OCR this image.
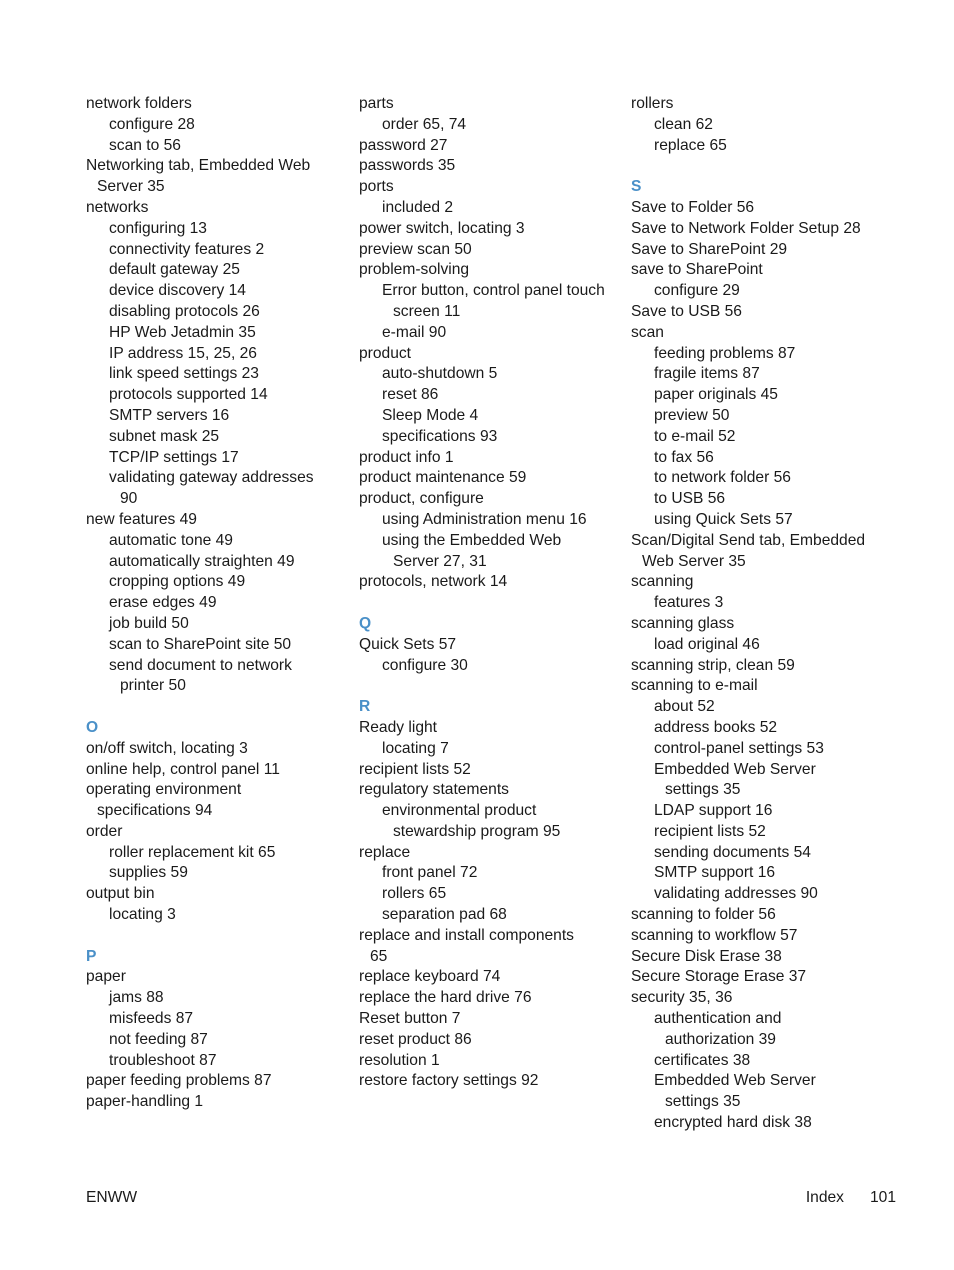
network folders
configure 28
scan to 56
Networking tab, Embedded Web
Server 35
networks
configuring 13
connectivity features 2
default gateway 25
device discovery 14
disabling protocols 26
HP Web Jetadmin 35
IP address 15, 25, 26
link speed settings 23
protocols supported 14
SMTP servers 16
subnet mask 25
TCP/IP settings 17
validating gateway addresses
90
new features 49
automatic tone 49
automatically straighten 49
cropping options 49
erase edges 49
job build 50
scan to SharePoint site 50
send document to network
printer 50
O
on/off switch, locating 3
online help, control panel 11
operating environment
specifications 94
order
roller replacement kit 65
supplies 59
output bin
locating 3
P
paper
jams 88
misfeeds 87
not feeding 87
troubleshoot 87
paper feeding problems 87
paper-handling 1
parts
order 65, 74
password 27
passwords 35
ports
included 2
power switch, locating 3
preview scan 50
problem-solving
Error button, control panel touch
screen 11
e-mail 90
product
auto-shutdown 5
reset 86
Sleep Mode 4
specifications 93
product info 1
product maintenance 59
product, configure
using Administration menu 16
using the Embedded Web
Server 27, 31
protocols, network 14
Q
Quick Sets 57
configure 30
R
Ready light
locating 7
recipient lists 52
regulatory statements
environmental product
stewardship program 95
replace
front panel 72
rollers 65
separation pad 68
replace and install components
65
replace keyboard 74
replace the hard drive 76
Reset button 7
reset product 86
resolution 1
restore factory settings 92
rollers
clean 62
replace 65
S
Save to Folder 56
Save to Network Folder Setup 28
Save to SharePoint 29
save to SharePoint
configure 29
Save to USB 56
scan
feeding problems 87
fragile items 87
paper originals 45
preview 50
to e-mail 52
to fax 56
to network folder 56
to USB 56
using Quick Sets 57
Scan/Digital Send tab, Embedded
Web Server 35
scanning
features 3
scanning glass
load original 46
scanning strip, clean 59
scanning to e-mail
about 52
address books 52
control-panel settings 53
Embedded Web Server
settings 35
LDAP support 16
recipient lists 52
sending documents 54
SMTP support 16
validating addresses 90
scanning to folder 56
scanning to workflow 57
Secure Disk Erase 38
Secure Storage Erase 37
security 35, 36
authentication and
authorization 39
certificates 38
Embedded Web Server
settings 35
encrypted hard disk 38
ENWW	Index 101
